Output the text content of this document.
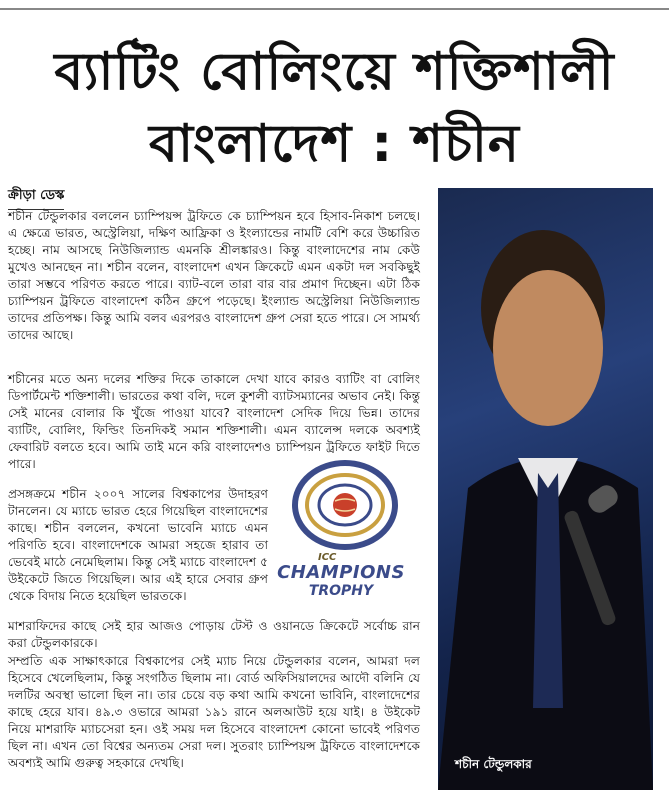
ব্যাটিং বোলিংয়ে শক্তিশালী
বাংলাদেশ : শচীন
ক্রীড়া ডেস্ক

শচীন টেন্ডুলকার বললেন চ্যাম্পিয়ন্স ট্রফিতে কে চ্যাম্পিয়ন হবে হিসাব-নিকাশ চলছে। এ ক্ষেত্রে ভারত, অস্ট্রেলিয়া, দক্ষিণ আফ্রিকা ও ইংল্যান্ডের নামটি বেশি করে উচ্চারিত হচ্ছে। নাম আসছে নিউজিল্যান্ড এমনকি শ্রীলঙ্কারও। কিন্তু বাংলাদেশের নাম কেউ মুখেও আনছেন না। শচীন বলেন, বাংলাদেশ এখন ক্রিকেটে এমন একটা দল সবকিছুই তারা সম্ভবে পরিণত করতে পারে। ব্যাট-বলে তারা বার বার প্রমাণ দিচ্ছেন। এটা ঠিক চ্যাম্পিয়ন ট্রফিতে বাংলাদেশ কঠিন গ্রুপে পড়েছে। ইংল্যান্ড অস্ট্রেলিয়া নিউজিল্যান্ড তাদের প্রতিপক্ষ। কিন্তু আমি বলব এরপরও বাংলাদেশ গ্রুপ সেরা হতে পারে। সে সামর্থ্য তাদের আছে।

শচীনের মতে অন্য দলের শক্তির দিকে তাকালে দেখা যাবে কারও ব্যাটিং বা বোলিং ডিপার্টমেন্ট শক্তিশালী। ভারতের কথা বলি, দলে কুশলী ব্যাটসম্যানের অভাব নেই। কিন্তু সেই মানের বোলার কি খুঁজে পাওয়া যাবে? বাংলাদেশ সেদিক দিয়ে ভিন্ন। তাদের ব্যাটিং, বোলিং, ফিল্ডিং তিনদিকই সমান শক্তিশালী। এমন ব্যালেন্স দলকে অবশ্যই ফেবারিট বলতে হবে। আমি তাই মনে করি বাংলাদেশও চ্যাম্পিয়ন ট্রফিতে ফাইট দিতে পারে।

প্রসঙ্গক্রমে শচীন ২০০৭ সালের বিশ্বকাপের উদাহরণ টানলেন। যে ম্যাচে ভারত হেরে গিয়েছিল বাংলাদেশের কাছে। শচীন বললেন, কখনো ভাবেনি ম্যাচে এমন পরিণতি হবে। বাংলাদেশকে আমরা সহজে হারাব তা ভেবেই মাঠে নেমেছিলাম। কিন্তু সেই ম্যাচে বাংলাদেশ ৫ উইকেটে জিতে গিয়েছিল। আর এই হারে সেবার গ্রুপ থেকে বিদায় নিতে হয়েছিল ভারতকে।

মাশরাফিদের কাছে সেই হার আজও পোড়ায় টেস্ট ও ওয়ানডে ক্রিকেটে সর্বোচ্চ রান করা টেন্ডুলকারকে।

সম্প্রতি এক সাক্ষাৎকারে বিশ্বকাপের সেই ম্যাচ নিয়ে টেন্ডুলকার বলেন, আমরা দল হিসেবে খেলেছিলাম, কিন্তু সংগঠিত ছিলাম না। বোর্ড অফিসিয়ালদের আদৌ বলিনি যে দলটির অবস্থা ভালো ছিল না। তার চেয়ে বড় কথা আমি কখনো ভাবিনি, বাংলাদেশের কাছে হেরে যাব। ৪৯.৩ ওভারে আমরা ১৯১ রানে অলআউট হয়ে যাই। ৪ উইকেট নিয়ে মাশরাফি ম্যাচসেরা হন। ওই সময় দল হিসেবে বাংলাদেশ কোনো ভাবেই পরিণত ছিল না। এখন তো বিশ্বের অন্যতম সেরা দল। সুতরাং চ্যাম্পিয়ন্স ট্রফিতে বাংলাদেশকে অবশ্যই আমি গুরুত্ব সহকারে দেখছি।

ICC
CHAMPIONS
TROPHY
শচীন টেন্ডুলকার
